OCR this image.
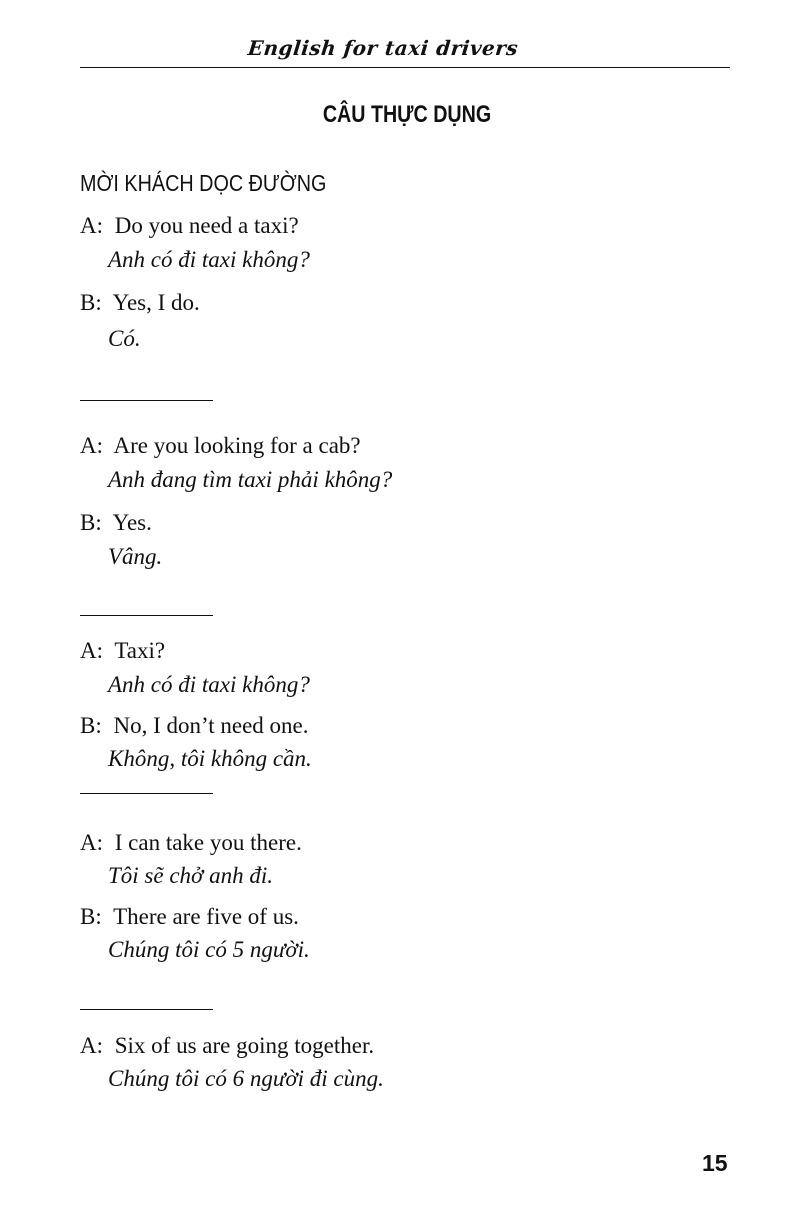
English for taxi drivers
CÂU THỰC DỤNG
MỜI KHÁCH DỌC ĐƯỜNG
A: Do you need a taxi?
Anh có đi taxi không?
B: Yes, I do.
Có.
A: Are you looking for a cab?
Anh đang tìm taxi phải không?
B: Yes.
Vâng.
A: Taxi?
Anh có đi taxi không?
B: No, I don’t need one.
Không, tôi không cần.
A: I can take you there.
Tôi sẽ chở anh đi.
B: There are five of us.
Chúng tôi có 5 người.
A: Six of us are going together.
Chúng tôi có 6 người đi cùng.
15
